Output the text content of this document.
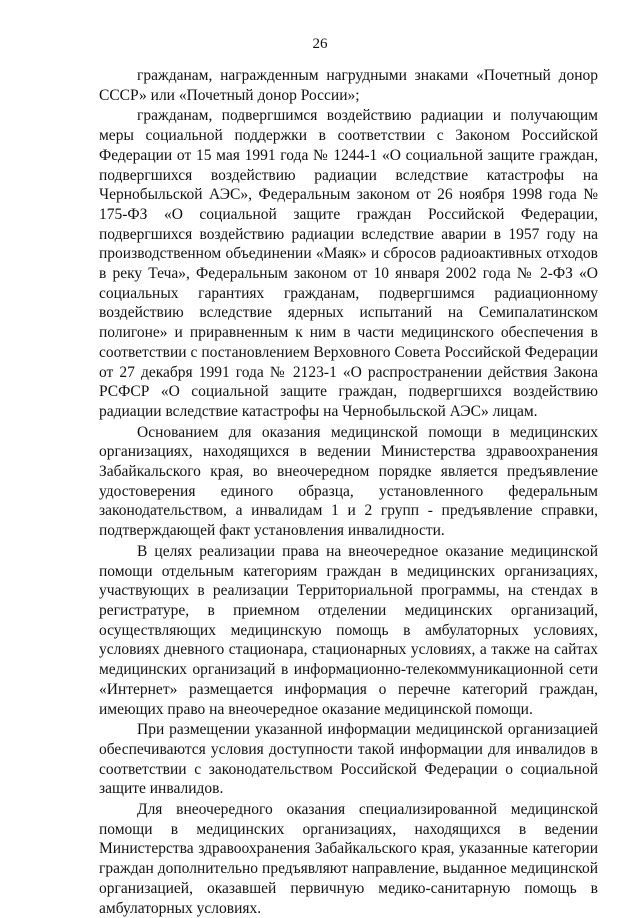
26

гражданам, награжденным нагрудными знаками «Почетный донор СССР» или «Почетный донор России»;

гражданам, подвергшимся воздействию радиации и получающим меры социальной поддержки в соответствии с Законом Российской Федерации от 15 мая 1991 года № 1244-1 «О социальной защите граждан, подвергшихся воздействию радиации вследствие катастрофы на Чернобыльской АЭС», Федеральным законом от 26 ноября 1998 года № 175-ФЗ «О социальной защите граждан Российской Федерации, подвергшихся воздействию радиации вследствие аварии в 1957 году на производственном объединении «Маяк» и сбросов радиоактивных отходов в реку Теча», Федеральным законом от 10 января 2002 года № 2-ФЗ «О социальных гарантиях гражданам, подвергшимся радиационному воздействию вследствие ядерных испытаний на Семипалатинском полигоне» и приравненным к ним в части медицинского обеспечения в соответствии с постановлением Верховного Совета Российской Федерации от 27 декабря 1991 года № 2123-1 «О распространении действия Закона РСФСР «О социальной защите граждан, подвергшихся воздействию радиации вследствие катастрофы на Чернобыльской АЭС» лицам.

Основанием для оказания медицинской помощи в медицинских организациях, находящихся в ведении Министерства здравоохранения Забайкальского края, во внеочередном порядке является предъявление удостоверения единого образца, установленного федеральным законодательством, а инвалидам 1 и 2 групп - предъявление справки, подтверждающей факт установления инвалидности.

В целях реализации права на внеочередное оказание медицинской помощи отдельным категориям граждан в медицинских организациях, участвующих в реализации Территориальной программы, на стендах в регистратуре, в приемном отделении медицинских организаций, осуществляющих медицинскую помощь в амбулаторных условиях, условиях дневного стационара, стационарных условиях, а также на сайтах медицинских организаций в информационно-телекоммуникационной сети «Интернет» размещается информация о перечне категорий граждан, имеющих право на внеочередное оказание медицинской помощи.

При размещении указанной информации медицинской организацией обеспечиваются условия доступности такой информации для инвалидов в соответствии с законодательством Российской Федерации о социальной защите инвалидов.

Для внеочередного оказания специализированной медицинской помощи в медицинских организациях, находящихся в ведении Министерства здравоохранения Забайкальского края, указанные категории граждан дополнительно предъявляют направление, выданное медицинской организацией, оказавшей первичную медико-санитарную помощь в амбулаторных условиях.
